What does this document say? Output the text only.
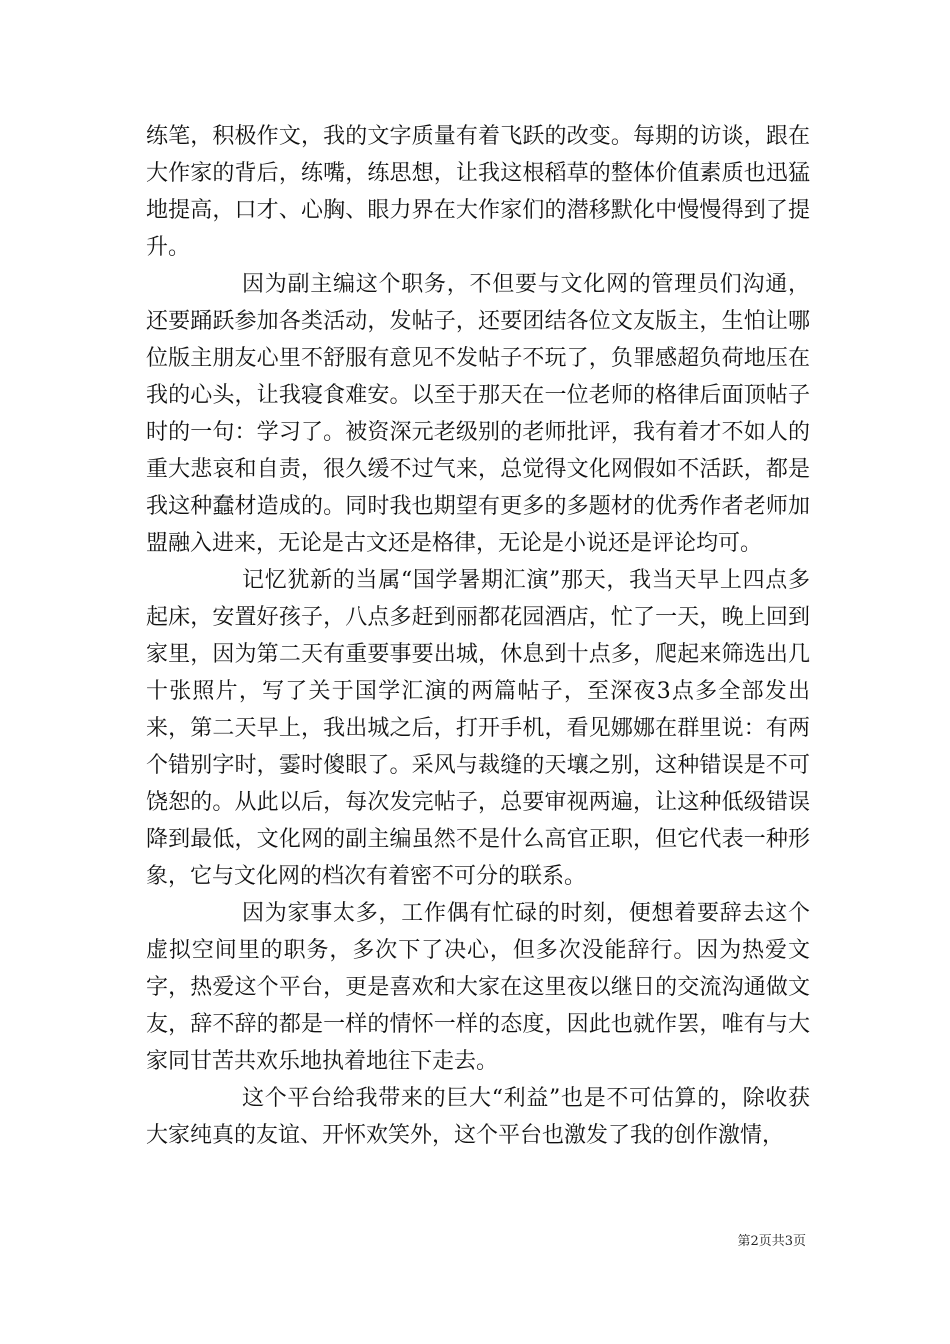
练笔，积极作文，我的文字质量有着飞跃的改变。每期的访谈，跟在大作家的背后，练嘴，练思想，让我这根稻草的整体价值素质也迅猛地提高，口才、心胸、眼力界在大作家们的潜移默化中慢慢得到了提升。

因为副主编这个职务，不但要与文化网的管理员们沟通，还要踊跃参加各类活动，发帖子，还要团结各位文友版主，生怕让哪位版主朋友心里不舒服有意见不发帖子不玩了，负罪感超负荷地压在我的心头，让我寝食难安。以至于那天在一位老师的格律后面顶帖子时的一句：学习了。被资深元老级别的老师批评，我有着才不如人的重大悲哀和自责，很久缓不过气来，总觉得文化网假如不活跃，都是我这种蠢材造成的。同时我也期望有更多的多题材的优秀作者老师加盟融入进来，无论是古文还是格律，无论是小说还是评论均可。

记忆犹新的当属“国学暑期汇演”那天，我当天早上四点多起床，安置好孩子，八点多赶到丽都花园酒店，忙了一天，晚上回到家里，因为第二天有重要事要出城，休息到十点多，爬起来筛选出几十张照片，写了关于国学汇演的两篇帖子，至深夜3点多全部发出来，第二天早上，我出城之后，打开手机，看见娜娜在群里说：有两个错别字时，霎时傻眼了。采风与裁缝的天壤之别，这种错误是不可饶恕的。从此以后，每次发完帖子，总要审视两遍，让这种低级错误降到最低，文化网的副主编虽然不是什么高官正职，但它代表一种形象，它与文化网的档次有着密不可分的联系。

因为家事太多，工作偶有忙碌的时刻，便想着要辞去这个虚拟空间里的职务，多次下了决心，但多次没能辞行。因为热爱文字，热爱这个平台，更是喜欢和大家在这里夜以继日的交流沟通做文友，辞不辞的都是一样的情怀一样的态度，因此也就作罢，唯有与大家同甘苦共欢乐地执着地往下走去。

这个平台给我带来的巨大“利益”也是不可估算的，除收获大家纯真的友谊、开怀欢笑外，这个平台也激发了我的创作激情，

第2页共3页
